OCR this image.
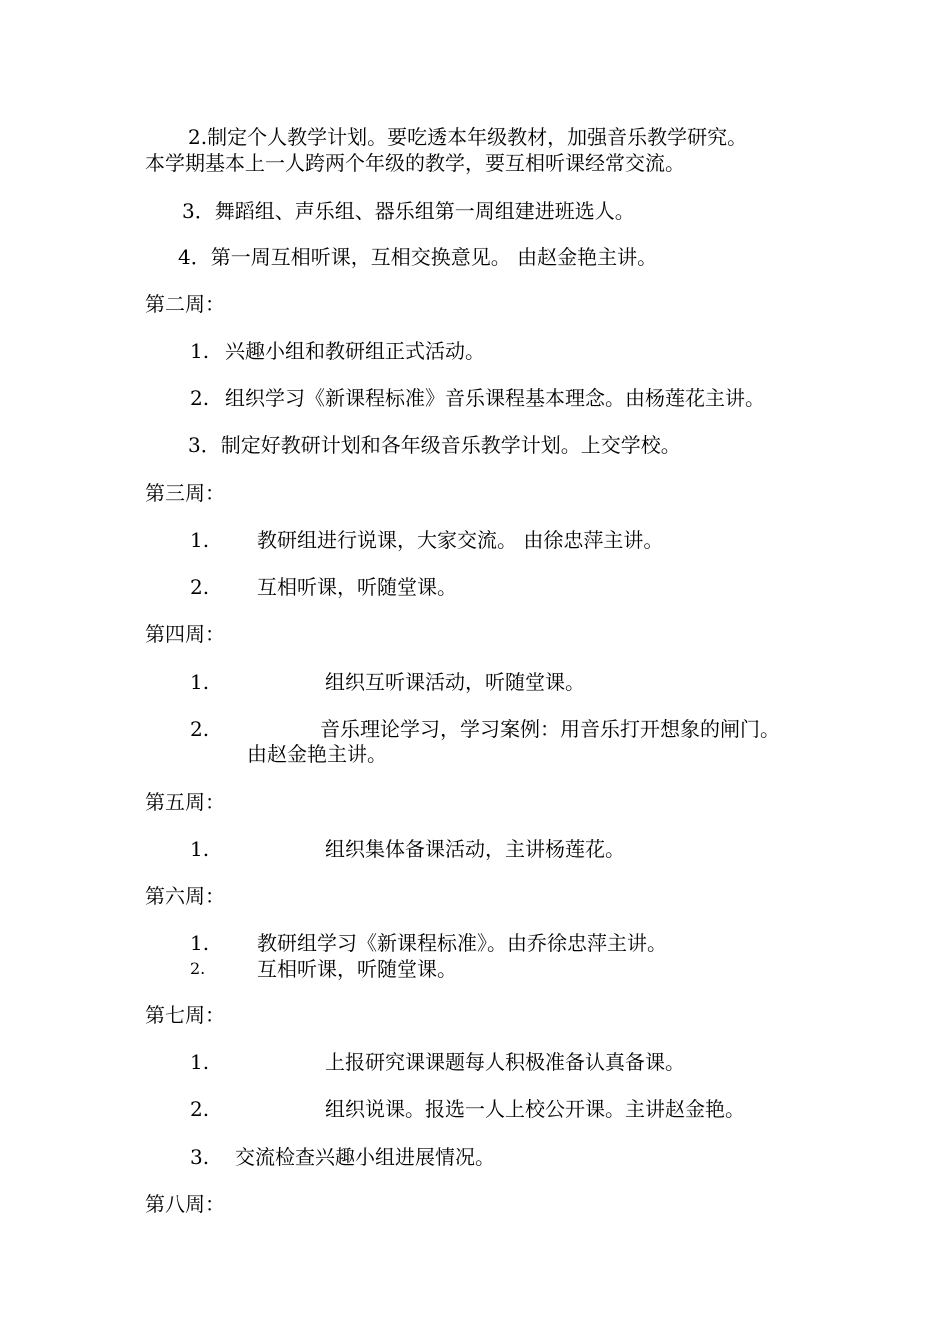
2.制定个人教学计划。要吃透本年级教材，加强音乐教学研究。
本学期基本上一人跨两个年级的教学，要互相听课经常交流。
3．舞蹈组、声乐组、器乐组第一周组建进班选人。
4．第一周互相听课，互相交换意见。 由赵金艳主讲。
第二周：
1. 兴趣小组和教研组正式活动。
2. 组织学习《新课程标准》音乐课程基本理念。由杨莲花主讲。
3．制定好教研计划和各年级音乐教学计划。上交学校。
第三周：
1. 教研组进行说课，大家交流。 由徐忠萍主讲。
2. 互相听课，听随堂课。
第四周：
1.	组织互听课活动，听随堂课。
2.	音乐理论学习，学习案例：用音乐打开想象的闸门。
由赵金艳主讲。
第五周：
1.	组织集体备课活动，主讲杨莲花。
第六周：
1. 教研组学习《新课程标准》。由乔徐忠萍主讲。
2.	互相听课，听随堂课。
第七周：
1.	上报研究课课题每人积极准备认真备课。
2.	组织说课。报选一人上校公开课。主讲赵金艳。
3. 交流检查兴趣小组进展情况。
第八周：
